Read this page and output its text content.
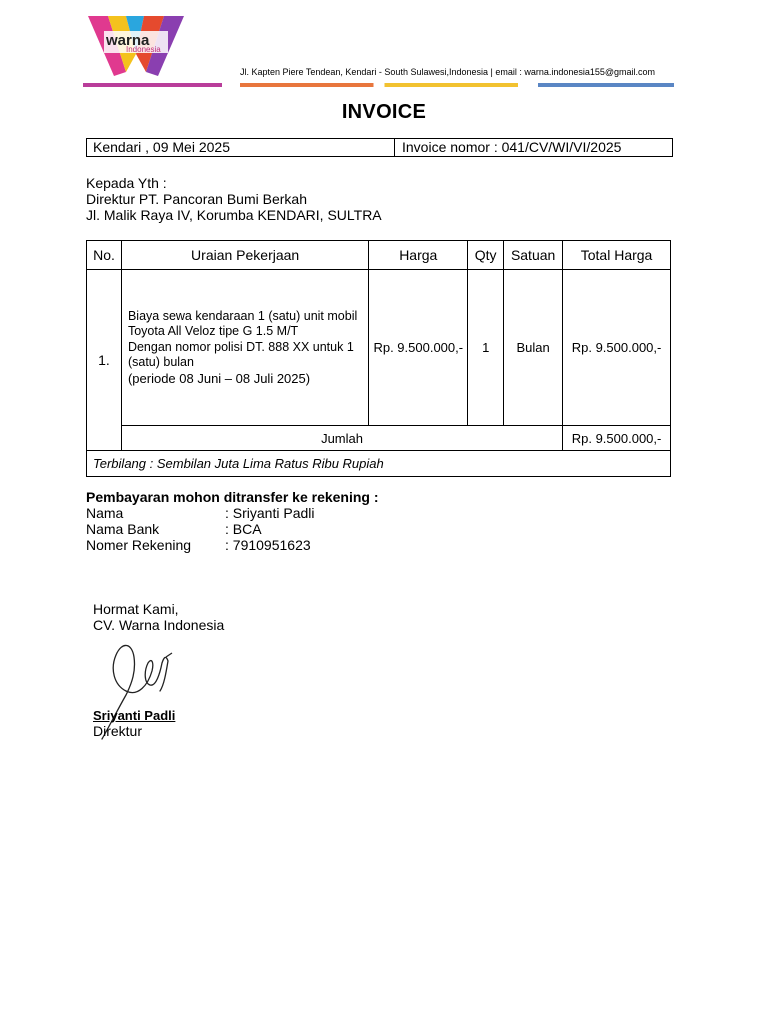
warna
Indonesia
Jl. Kapten Piere Tendean, Kendari - South Sulawesi,Indonesia | email : warna.indonesia155@gmail.com
INVOICE
Kendari , 09 Mei 2025	Invoice nomor : 041/CV/WI/VI/2025
Kepada Yth :
Direktur PT. Pancoran Bumi Berkah
Jl. Malik Raya IV, Korumba KENDARI, SULTRA
No.	Uraian Pekerjaan	Harga	Qty	Satuan	Total Harga
1.	Biaya sewa kendaraan 1 (satu) unit mobil
Toyota All Veloz tipe G 1.5 M/T
Dengan nomor polisi DT. 888 XX untuk 1
(satu) bulan
(periode 08 Juni – 08 Juli 2025)	Rp. 9.500.000,-	1	Bulan	Rp. 9.500.000,-
	Jumlah				Rp. 9.500.000,-
Terbilang : Sembilan Juta Lima Ratus Ribu Rupiah					
Pembayaran mohon ditransfer ke rekening :
Nama	: Sriyanti Padli
Nama Bank	: BCA
Nomer Rekening	: 7910951623
Hormat Kami,
CV. Warna Indonesia
Sriyanti Padli
Direktur
